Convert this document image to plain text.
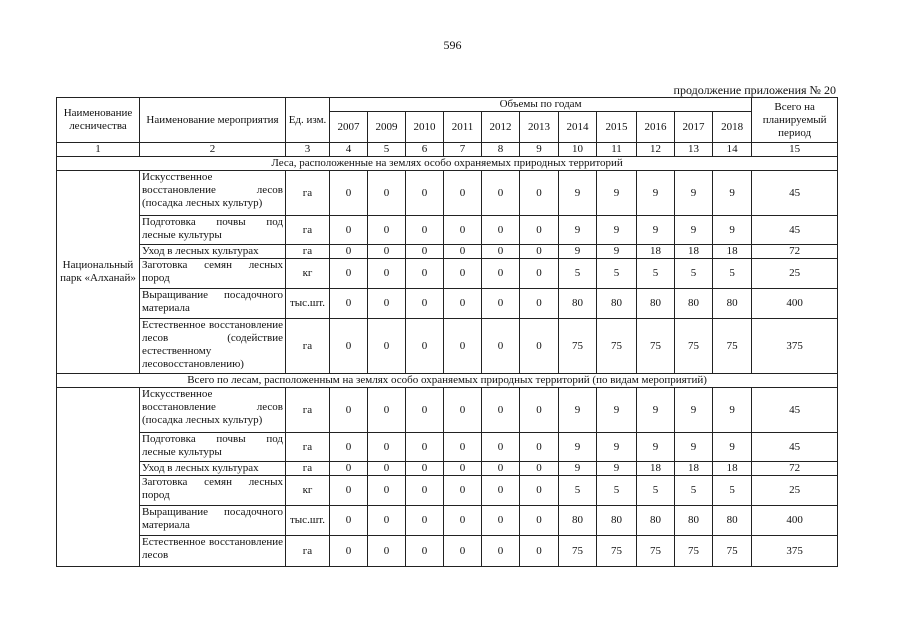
596
продолжение приложения № 20
Наименование лесничества	Наименование мероприятия	Ед. изм.	Объемы по годам											Всего на планируемый период
			2007	2009	2010	2011	2012	2013	2014	2015	2016	2017	2018	
1	2	3	4	5	6	7	8	9	10	11	12	13	14	15
Леса, расположенные на землях особо охраняемых природных территорий														
Национальный парк «Алханай»	Искусственное восстановление лесов (посадка лесных культур)	га	0	0	0	0	0	0	9	9	9	9	9	45
	Подготовка почвы под лесные культуры	га	0	0	0	0	0	0	9	9	9	9	9	45
	Уход в лесных культурах	га	0	0	0	0	0	0	9	9	18	18	18	72
	Заготовка семян лесных пород	кг	0	0	0	0	0	0	5	5	5	5	5	25
	Выращивание посадочного материала	тыс.шт.	0	0	0	0	0	0	80	80	80	80	80	400
	Естественное восстановление лесов (содействие естественному лесовосстановлению)	га	0	0	0	0	0	0	75	75	75	75	75	375
Всего по лесам, расположенным на землях особо охраняемых природных территорий (по видам мероприятий)														
	Искусственное восстановление лесов (посадка лесных культур)	га	0	0	0	0	0	0	9	9	9	9	9	45
	Подготовка почвы под лесные культуры	га	0	0	0	0	0	0	9	9	9	9	9	45
	Уход в лесных культурах	га	0	0	0	0	0	0	9	9	18	18	18	72
	Заготовка семян лесных пород	кг	0	0	0	0	0	0	5	5	5	5	5	25
	Выращивание посадочного материала	тыс.шт.	0	0	0	0	0	0	80	80	80	80	80	400
	Естественное восстановление лесов	га	0	0	0	0	0	0	75	75	75	75	75	375
